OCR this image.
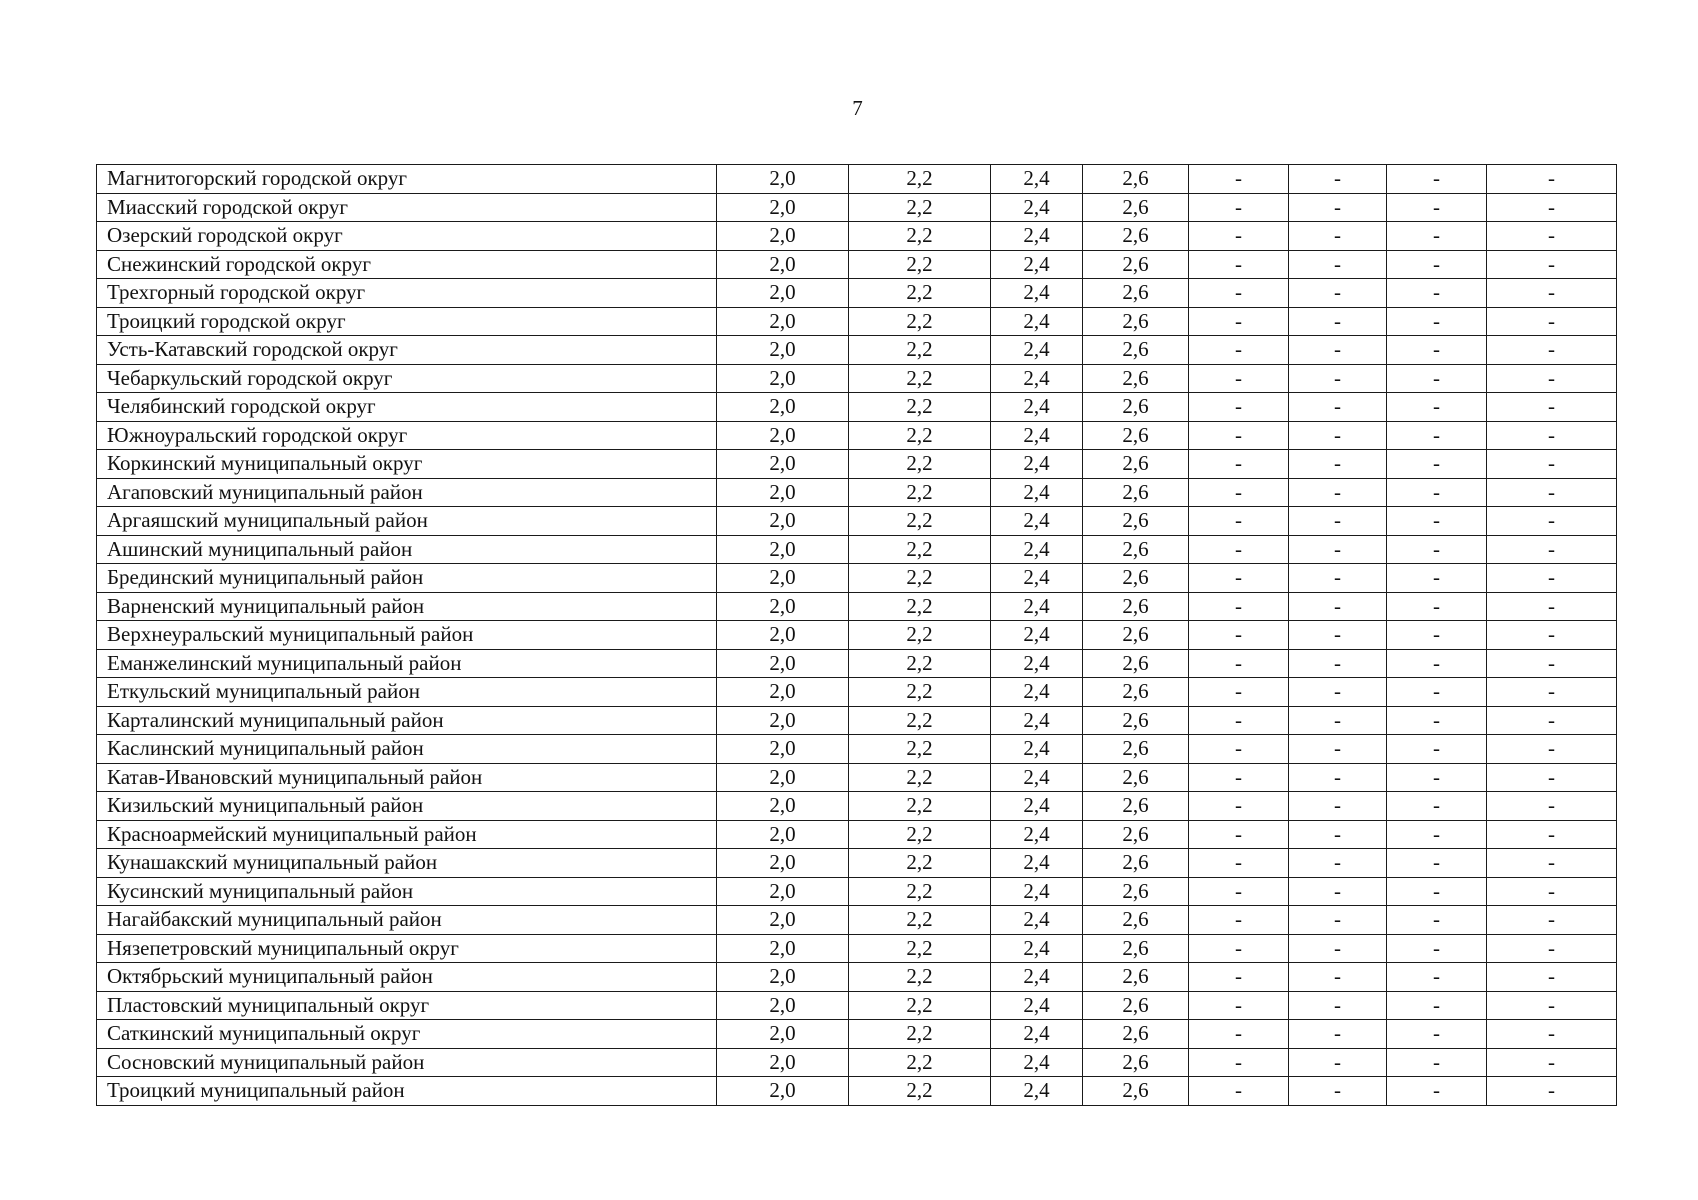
7
Магнитогорский городской округ	2,0	2,2	2,4	2,6	-	-	-	-
Миасский городской округ	2,0	2,2	2,4	2,6	-	-	-	-
Озерский городской округ	2,0	2,2	2,4	2,6	-	-	-	-
Снежинский городской округ	2,0	2,2	2,4	2,6	-	-	-	-
Трехгорный городской округ	2,0	2,2	2,4	2,6	-	-	-	-
Троицкий городской округ	2,0	2,2	2,4	2,6	-	-	-	-
Усть-Катавский городской округ	2,0	2,2	2,4	2,6	-	-	-	-
Чебаркульский городской округ	2,0	2,2	2,4	2,6	-	-	-	-
Челябинский городской округ	2,0	2,2	2,4	2,6	-	-	-	-
Южноуральский городской округ	2,0	2,2	2,4	2,6	-	-	-	-
Коркинский муниципальный округ	2,0	2,2	2,4	2,6	-	-	-	-
Агаповский муниципальный район	2,0	2,2	2,4	2,6	-	-	-	-
Аргаяшский муниципальный район	2,0	2,2	2,4	2,6	-	-	-	-
Ашинский муниципальный район	2,0	2,2	2,4	2,6	-	-	-	-
Брединский муниципальный район	2,0	2,2	2,4	2,6	-	-	-	-
Варненский муниципальный район	2,0	2,2	2,4	2,6	-	-	-	-
Верхнеуральский муниципальный район	2,0	2,2	2,4	2,6	-	-	-	-
Еманжелинский муниципальный район	2,0	2,2	2,4	2,6	-	-	-	-
Еткульский муниципальный район	2,0	2,2	2,4	2,6	-	-	-	-
Карталинский муниципальный район	2,0	2,2	2,4	2,6	-	-	-	-
Каслинский муниципальный район	2,0	2,2	2,4	2,6	-	-	-	-
Катав-Ивановский муниципальный район	2,0	2,2	2,4	2,6	-	-	-	-
Кизильский муниципальный район	2,0	2,2	2,4	2,6	-	-	-	-
Красноармейский муниципальный район	2,0	2,2	2,4	2,6	-	-	-	-
Кунашакский муниципальный район	2,0	2,2	2,4	2,6	-	-	-	-
Кусинский муниципальный район	2,0	2,2	2,4	2,6	-	-	-	-
Нагайбакский муниципальный район	2,0	2,2	2,4	2,6	-	-	-	-
Нязепетровский муниципальный округ	2,0	2,2	2,4	2,6	-	-	-	-
Октябрьский муниципальный район	2,0	2,2	2,4	2,6	-	-	-	-
Пластовский муниципальный округ	2,0	2,2	2,4	2,6	-	-	-	-
Саткинский муниципальный округ	2,0	2,2	2,4	2,6	-	-	-	-
Сосновский муниципальный район	2,0	2,2	2,4	2,6	-	-	-	-
Троицкий муниципальный район	2,0	2,2	2,4	2,6	-	-	-	-
